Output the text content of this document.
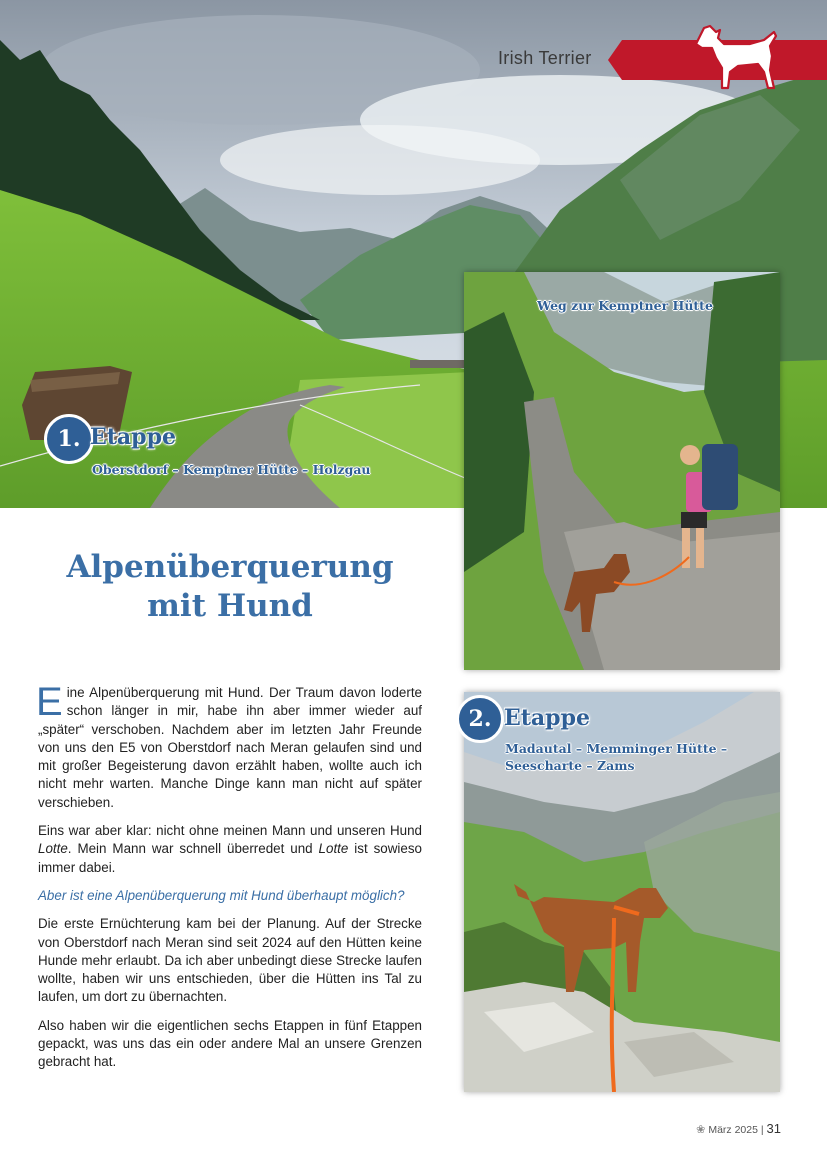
Irish Terrier
1. Etappe
Oberstdorf – Kemptner Hütte – Holzgau
Weg zur Kemptner Hütte
2. Etappe
Madautal – Memminger Hütte – Seescharte – Zams
Alpenüberquerung
mit Hund

Eine Alpenüberquerung mit Hund. Der Traum davon loderte schon länger in mir, habe ihn aber immer wieder auf „später“ verschoben. Nachdem aber im letzten Jahr Freunde von uns den E5 von Oberstdorf nach Meran gelaufen sind und mit großer Begeisterung davon erzählt haben, wollte auch ich nicht mehr warten. Manche Dinge kann man nicht auf später verschieben.

Eins war aber klar: nicht ohne meinen Mann und unseren Hund Lotte. Mein Mann war schnell überredet und Lotte ist sowieso immer dabei.

Aber ist eine Alpenüberquerung mit Hund überhaupt möglich?

Die erste Ernüchterung kam bei der Planung. Auf der Strecke von Oberstdorf nach Meran sind seit 2024 auf den Hütten keine Hunde mehr erlaubt. Da ich aber unbedingt diese Strecke laufen wollte, haben wir uns entschieden, über die Hütten ins Tal zu laufen, um dort zu übernachten.

Also haben wir die eigentlichen sechs Etappen in fünf Etappen gepackt, was uns das ein oder andere Mal an unsere Grenzen gebracht hat.

❀ März 2025 | 31
